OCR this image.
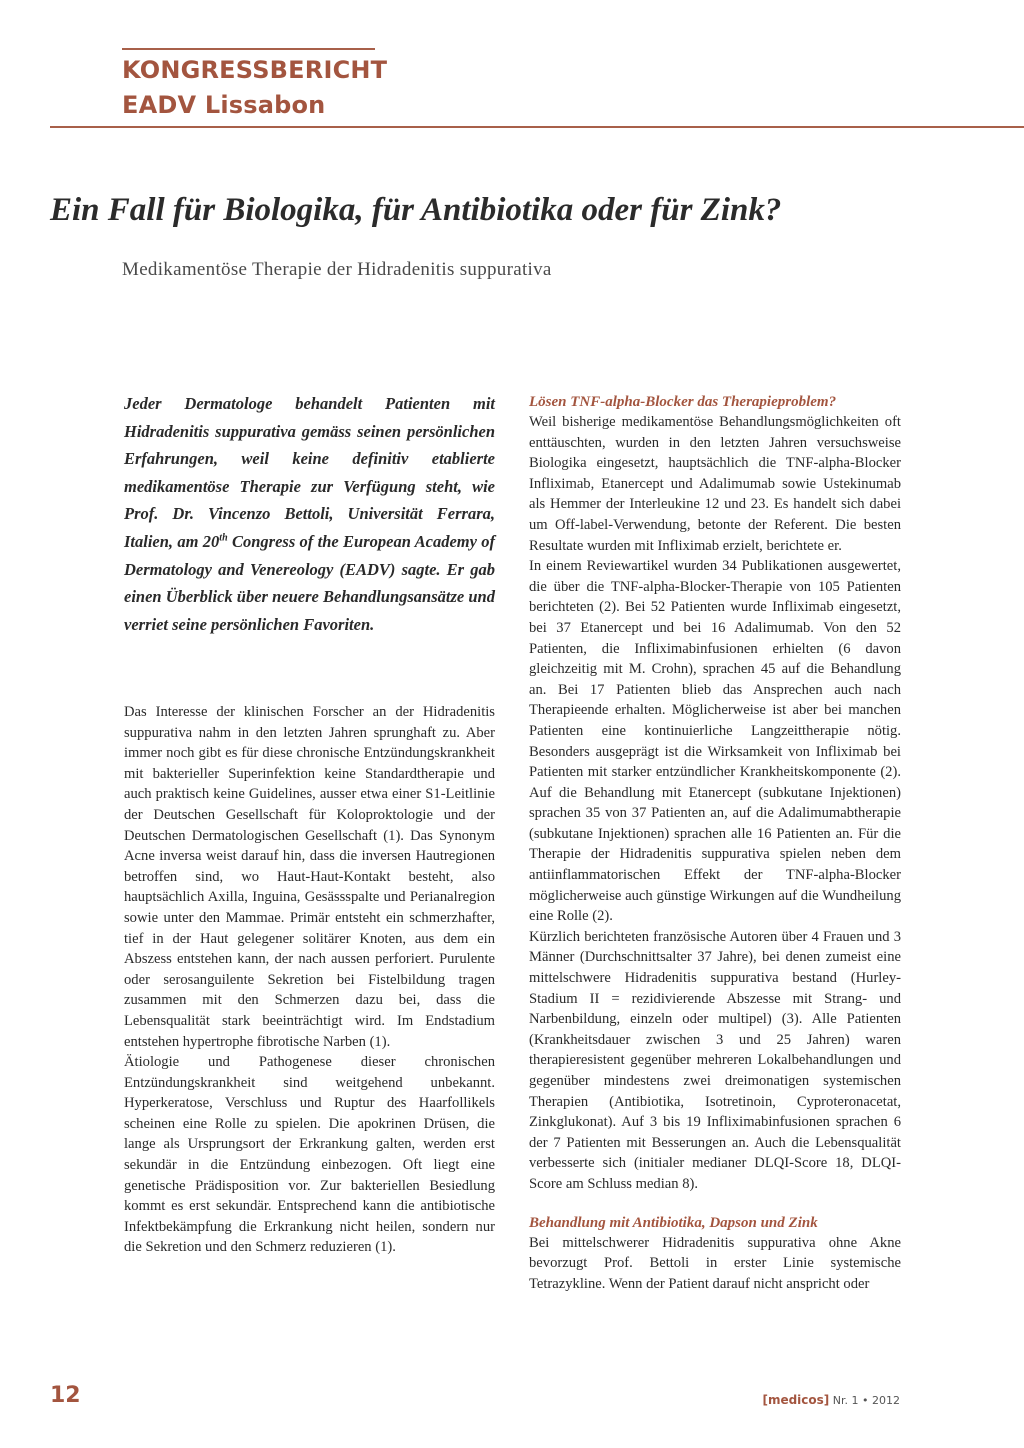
KONGRESSBERICHT
EADV Lissabon
Ein Fall für Biologika, für Antibiotika oder für Zink?
Medikamentöse Therapie der Hidradenitis suppurativa
Jeder Dermatologe behandelt Patienten mit Hidradenitis suppurativa gemäss seinen persönlichen Erfahrungen, weil keine definitiv etablierte medikamentöse Therapie zur Verfügung steht, wie Prof. Dr. Vincenzo Bettoli, Universität Ferrara, Italien, am 20th Congress of the European Academy of Dermatology and Venereology (EADV) sagte. Er gab einen Überblick über neuere Behandlungsansätze und verriet seine persönlichen Favoriten.

Das Interesse der klinischen Forscher an der Hidradenitis suppurativa nahm in den letzten Jahren sprunghaft zu. Aber immer noch gibt es für diese chronische Entzündungskrankheit mit bakterieller Superinfektion keine Standardtherapie und auch praktisch keine Guidelines, ausser etwa einer S1-Leitlinie der Deutschen Gesellschaft für Koloproktologie und der Deutschen Dermatologischen Gesellschaft (1). Das Synonym Acne inversa weist darauf hin, dass die inversen Hautregionen betroffen sind, wo Haut-Haut-Kontakt besteht, also hauptsächlich Axilla, Inguina, Gesässspalte und Perianalregion sowie unter den Mammae. Primär entsteht ein schmerzhafter, tief in der Haut gelegener solitärer Knoten, aus dem ein Abszess entstehen kann, der nach aussen perforiert. Purulente oder serosanguilente Sekretion bei Fistelbildung tragen zusammen mit den Schmerzen dazu bei, dass die Lebensqualität stark beeinträchtigt wird. Im Endstadium entstehen hypertrophe fibrotische Narben (1).

Ätiologie und Pathogenese dieser chronischen Entzündungskrankheit sind weitgehend unbekannt. Hyperkeratose, Verschluss und Ruptur des Haarfollikels scheinen eine Rolle zu spielen. Die apokrinen Drüsen, die lange als Ursprungsort der Erkrankung galten, werden erst sekundär in die Entzündung einbezogen. Oft liegt eine genetische Prädisposition vor. Zur bakteriellen Besiedlung kommt es erst sekundär. Entsprechend kann die antibiotische Infektbekämpfung die Erkrankung nicht heilen, sondern nur die Sekretion und den Schmerz reduzieren (1).

Lösen TNF-alpha-Blocker das Therapieproblem?

Weil bisherige medikamentöse Behandlungsmöglichkeiten oft enttäuschten, wurden in den letzten Jahren versuchsweise Biologika eingesetzt, hauptsächlich die TNF-alpha-Blocker Infliximab, Etanercept und Adalimumab sowie Ustekinumab als Hemmer der Interleukine 12 und 23. Es handelt sich dabei um Off-label-Verwendung, betonte der Referent. Die besten Resultate wurden mit Infliximab erzielt, berichtete er.

In einem Reviewartikel wurden 34 Publikationen ausgewertet, die über die TNF-alpha-Blocker-Therapie von 105 Patienten berichteten (2). Bei 52 Patienten wurde Infliximab eingesetzt, bei 37 Etanercept und bei 16 Adalimumab. Von den 52 Patienten, die Infliximabinfusionen erhielten (6 davon gleichzeitig mit M. Crohn), sprachen 45 auf die Behandlung an. Bei 17 Patienten blieb das Ansprechen auch nach Therapieende erhalten. Möglicherweise ist aber bei manchen Patienten eine kontinuierliche Langzeittherapie nötig. Besonders ausgeprägt ist die Wirksamkeit von Infliximab bei Patienten mit starker entzündlicher Krankheitskomponente (2). Auf die Behandlung mit Etanercept (subkutane Injektionen) sprachen 35 von 37 Patienten an, auf die Adalimumabtherapie (subkutane Injektionen) sprachen alle 16 Patienten an. Für die Therapie der Hidradenitis suppurativa spielen neben dem antiinflammatorischen Effekt der TNF-alpha-Blocker möglicherweise auch günstige Wirkungen auf die Wundheilung eine Rolle (2).

Kürzlich berichteten französische Autoren über 4 Frauen und 3 Männer (Durchschnittsalter 37 Jahre), bei denen zumeist eine mittelschwere Hidradenitis suppurativa bestand (Hurley-Stadium II = rezidivierende Abszesse mit Strang- und Narbenbildung, einzeln oder multipel) (3). Alle Patienten (Krankheitsdauer zwischen 3 und 25 Jahren) waren therapieresistent gegenüber mehreren Lokalbehandlungen und gegenüber mindestens zwei dreimonatigen systemischen Therapien (Antibiotika, Isotretinoin, Cyproteronacetat, Zinkglukonat). Auf 3 bis 19 Infliximabinfusionen sprachen 6 der 7 Patienten mit Besserungen an. Auch die Lebensqualität verbesserte sich (initialer medianer DLQI-Score 18, DLQI-Score am Schluss median 8).

Behandlung mit Antibiotika, Dapson und Zink

Bei mittelschwerer Hidradenitis suppurativa ohne Akne bevorzugt Prof. Bettoli in erster Linie systemische Tetrazykline. Wenn der Patient darauf nicht anspricht oder

12	[medicos] Nr. 1 • 2012
